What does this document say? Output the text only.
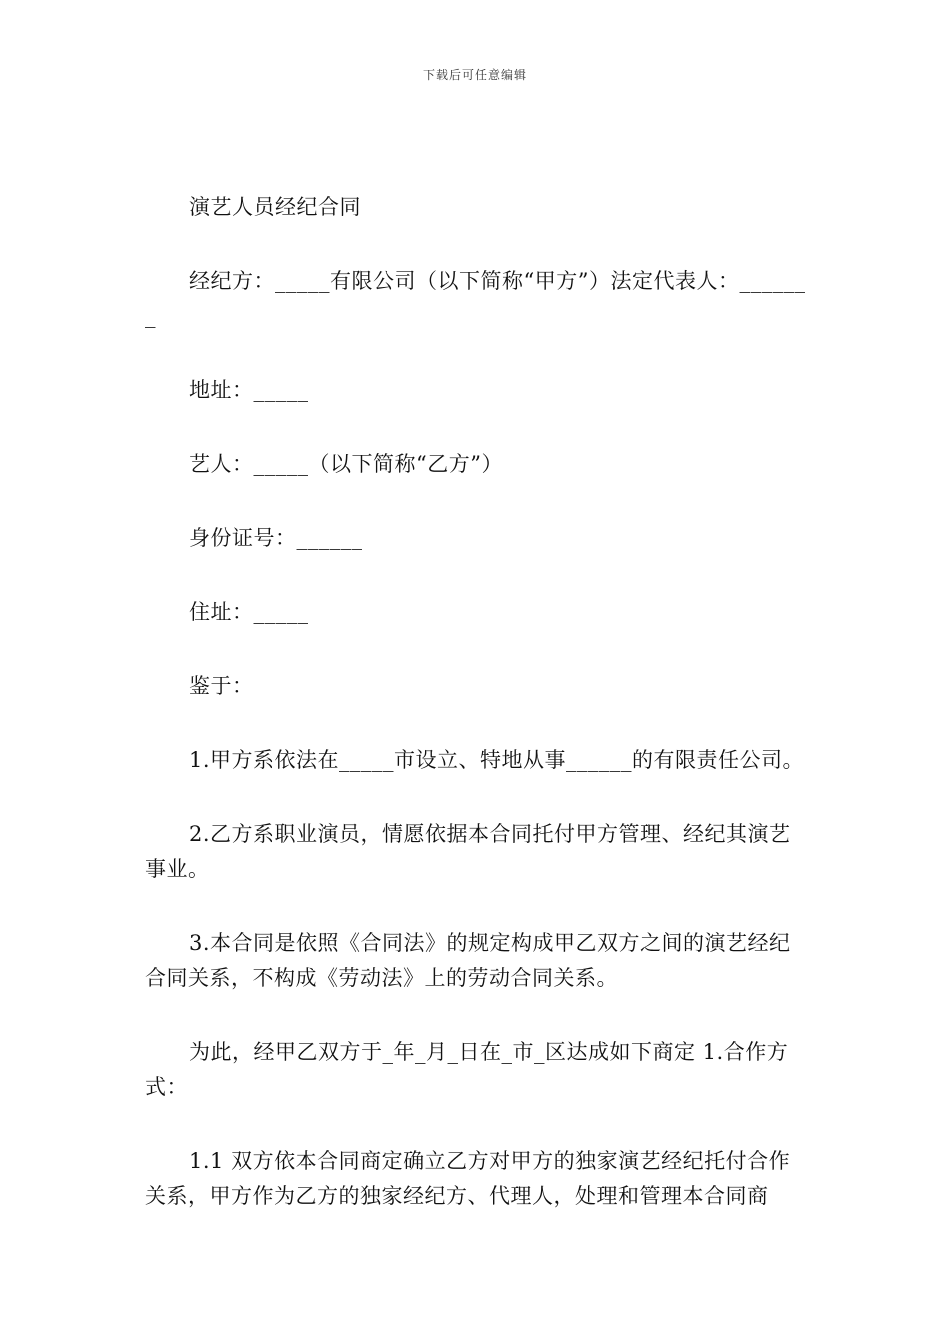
下载后可任意编辑

演艺人员经纪合同

经纪方：_____有限公司（以下简称“甲方”）法定代表人：_______

地址：_____

艺人：_____（以下简称“乙方”）

身份证号：______

住址：_____

鉴于：

1.甲方系依法在_____市设立、特地从事______的有限责任公司。

2.乙方系职业演员，情愿依据本合同托付甲方管理、经纪其演艺事业。

3.本合同是依照《合同法》的规定构成甲乙双方之间的演艺经纪合同关系，不构成《劳动法》上的劳动合同关系。

为此，经甲乙双方于_年_月_日在_市_区达成如下商定 1.合作方式：

1.1 双方依本合同商定确立乙方对甲方的独家演艺经纪托付合作关系，甲方作为乙方的独家经纪方、代理人，处理和管理本合同商
